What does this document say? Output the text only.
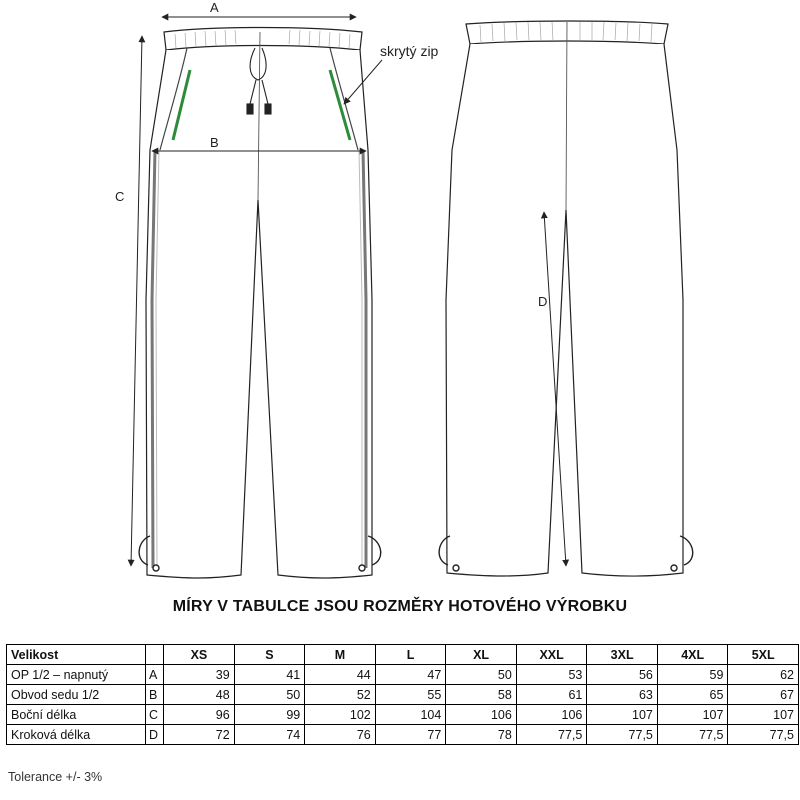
A
B
C
skrytý zip
D
MÍRY V TABULCE JSOU ROZMĚRY HOTOVÉHO VÝROBKU
Velikost		XS	S	M	L	XL	XXL	3XL	4XL	5XL
OP 1/2 – napnutý	A	39	41	44	47	50	53	56	59	62
Obvod sedu 1/2	B	48	50	52	55	58	61	63	65	67
Boční délka	C	96	99	102	104	106	106	107	107	107
Kroková délka	D	72	74	76	77	78	77,5	77,5	77,5	77,5
Tolerance +/- 3%
